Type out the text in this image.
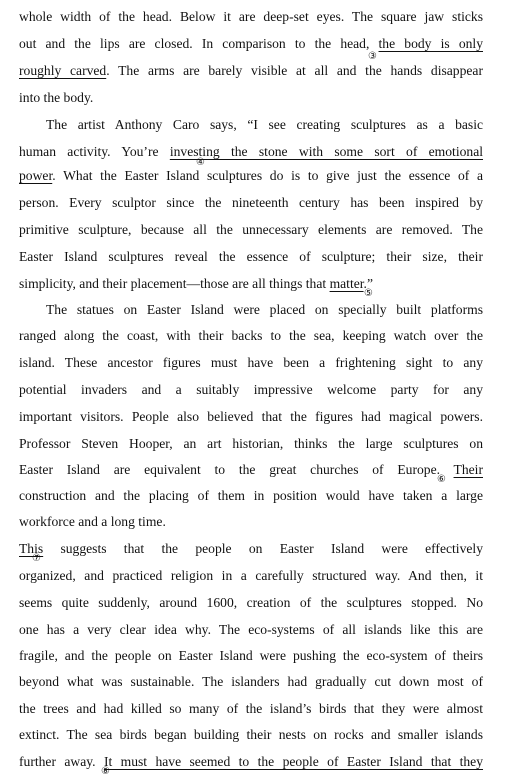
whole width of the head. Below it are deep-set eyes. The square jaw sticks
out and the lips are closed. In comparison to the head, the body is only
roughly carved. The arms are barely visible at all and the hands disappear
into the body.
The artist Anthony Caro says, “I see creating sculptures as a basic
human activity. You’re investing the stone with some sort of emotional
power. What the Easter Island sculptures do is to give just the essence of a
person. Every sculptor since the nineteenth century has been inspired by
primitive sculpture, because all the unnecessary elements are removed. The
Easter Island sculptures reveal the essence of sculpture; their size, their
simplicity, and their placement—those are all things that matter.”
The statues on Easter Island were placed on specially built platforms
ranged along the coast, with their backs to the sea, keeping watch over the
island. These ancestor figures must have been a frightening sight to any
potential invaders and a suitably impressive welcome party for any
important visitors. People also believed that the figures had magical powers.
Professor Steven Hooper, an art historian, thinks the large sculptures on
Easter Island are equivalent to the great churches of Europe. Their
construction and the placing of them in position would have taken a large
workforce and a long time.
This suggests that the people on Easter Island were effectively
organized, and practiced religion in a carefully structured way. And then, it
seems quite suddenly, around 1600, creation of the sculptures stopped. No
one has a very clear idea why. The eco-systems of all islands like this are
fragile, and the people on Easter Island were pushing the eco-system of theirs
beyond what was sustainable. The islanders had gradually cut down most of
the trees and had killed so many of the island’s birds that they were almost
extinct. The sea birds began building their nests on rocks and smaller islands
further away. It must have seemed to the people of Easter Island that they
③
④
⑤
⑥
⑦
⑧
